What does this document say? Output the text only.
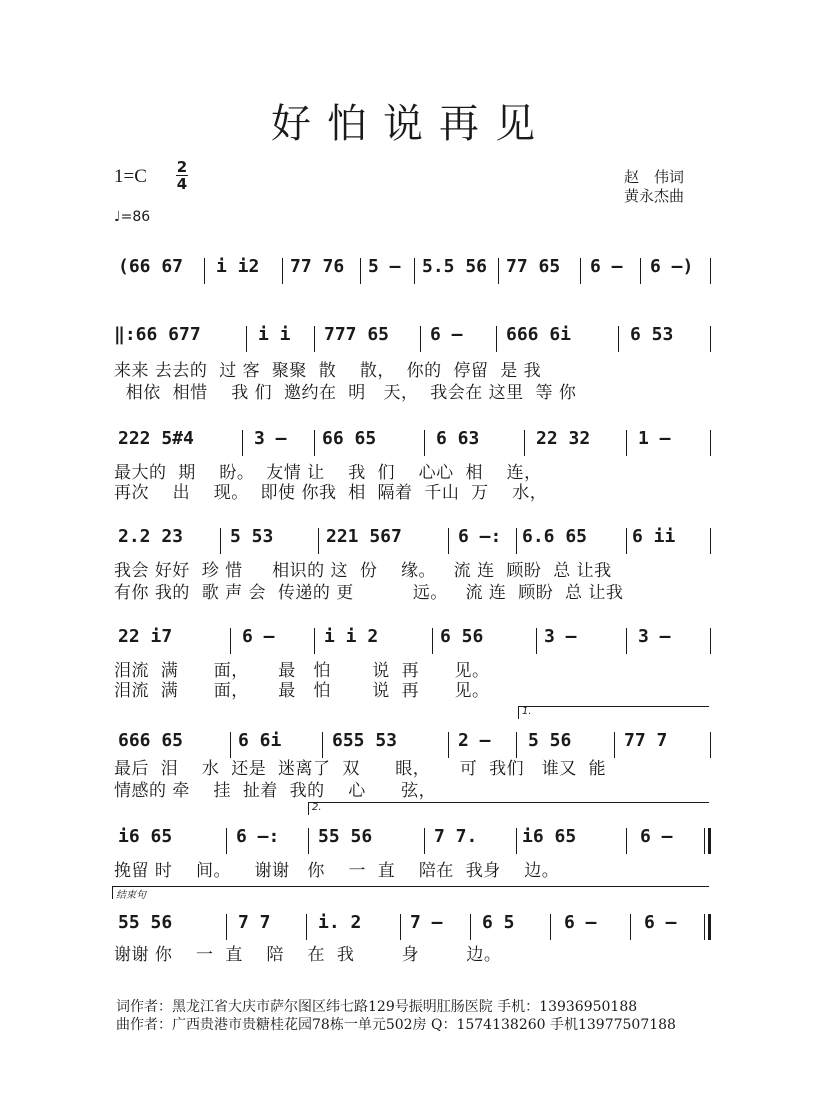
好怕说再见
1=C 2
4
♩=86
赵　伟词
黄永杰曲
(66 67 i i2 77 76 5 – 5.5 56 77 65 6 – 6 –)
‖:66 677	i i 777 65 6 – 666 6i	6 53
来来 去去的  过 客  聚聚  散    散，  你的  停留  是 我
相依  相惜    我 们  邀约在  明   天，  我会在 这里  等 你
222 5#4	3 – 66 65	6 63	22 32	1 –
最大的  期    盼。  友情 让    我  们    心心  相    连，
再次    出    现。  即使 你我  相  隔着  千山  万    水，
2.2 23	5 53	221 567	6 –: 6.6 65 6 ii
我会 好好  珍 惜     相识的 这  份    缘。   流 连  顾盼  总 让我
有你 我的  歌 声 会  传递的 更          远。   流 连  顾盼  总 让我
22 i7	6 –	i i 2	6 56	3 –	3 –
泪流  满      面，     最   怕       说  再      见。
泪流  满      面，     最   怕       说  再      见。
1.
666 65	6 6i	655 53	2 – 5 56	77 7
最后  泪    水  还是  迷离了  双      眼，     可  我们   谁又  能
情感的 牵    挂  扯着  我的    心      弦，
2.
i6 65	6 –: 55 56	7 7. i6 65	6 –
挽留 时    间。    谢谢   你    一  直    陪在  我身    边。
结束句
55 56	7 7	i. 2	7 – 6 5	6 –	6 –
谢谢 你    一  直    陪    在  我        身        边。
词作者：黑龙江省大庆市萨尔图区纬七路129号振明肛肠医院 手机：13936950188
曲作者：广西贵港市贵糖桂花园78栋一单元502房 Q：1574138260 手机13977507188
